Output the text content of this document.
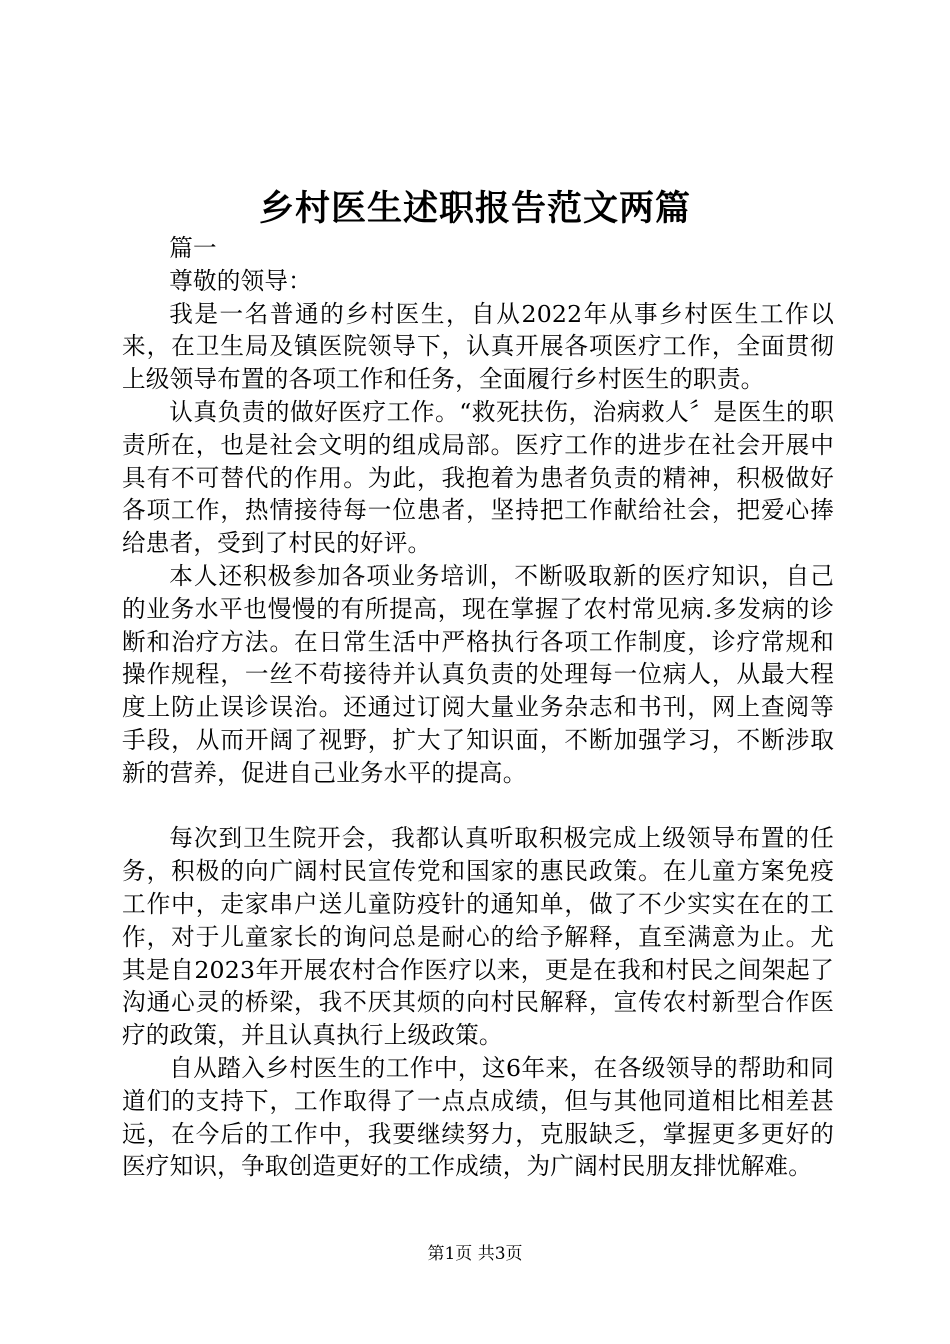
乡村医生述职报告范文两篇

篇一

尊敬的领导：

我是一名普通的乡村医生，自从2022年从事乡村医生工作以来，在卫生局及镇医院领导下，认真开展各项医疗工作，全面贯彻上级领导布置的各项工作和任务，全面履行乡村医生的职责。

认真负责的做好医疗工作。“救死扶伤，治病救人〞是医生的职责所在，也是社会文明的组成局部。医疗工作的进步在社会开展中具有不可替代的作用。为此，我抱着为患者负责的精神，积极做好各项工作，热情接待每一位患者，坚持把工作献给社会，把爱心捧给患者，受到了村民的好评。

本人还积极参加各项业务培训，不断吸取新的医疗知识，自己的业务水平也慢慢的有所提高，现在掌握了农村常见病.多发病的诊断和治疗方法。在日常生活中严格执行各项工作制度，诊疗常规和操作规程，一丝不苟接待并认真负责的处理每一位病人，从最大程度上防止误诊误治。还通过订阅大量业务杂志和书刊，网上查阅等手段，从而开阔了视野，扩大了知识面，不断加强学习，不断涉取新的营养，促进自己业务水平的提高。

每次到卫生院开会，我都认真听取积极完成上级领导布置的任务，积极的向广阔村民宣传党和国家的惠民政策。在儿童方案免疫工作中，走家串户送儿童防疫针的通知单，做了不少实实在在的工作，对于儿童家长的询问总是耐心的给予解释，直至满意为止。尤其是自2023年开展农村合作医疗以来，更是在我和村民之间架起了沟通心灵的桥梁，我不厌其烦的向村民解释，宣传农村新型合作医疗的政策，并且认真执行上级政策。

自从踏入乡村医生的工作中，这6年来，在各级领导的帮助和同道们的支持下，工作取得了一点点成绩，但与其他同道相比相差甚远，在今后的工作中，我要继续努力，克服缺乏，掌握更多更好的医疗知识，争取创造更好的工作成绩，为广阔村民朋友排忧解难。

第1页 共3页
